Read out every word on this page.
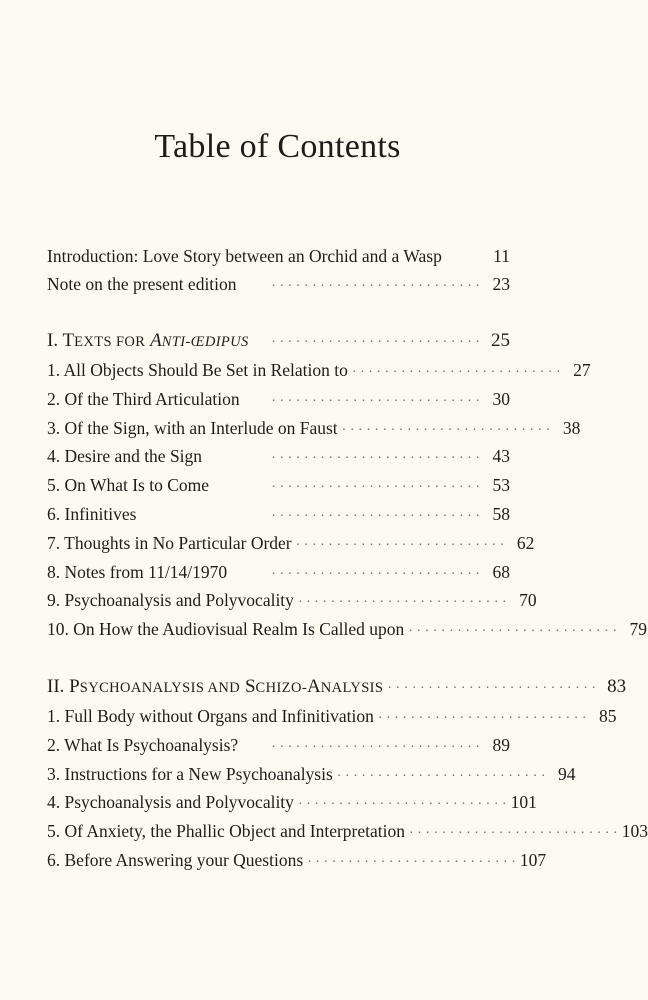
Table of Contents
Introduction: Love Story between an Orchid and a Wasp	11
Note on the present edition	· · · · · · · · · · · · · · · · · · · · · · · · · · 23
I. TEXTS FOR ANTI-ŒDIPUS	· · · · · · · · · · · · · · · · · · · · · · · · · · 25
1. All Objects Should Be Set in Relation to · · · · · · · · · · · · · · · · · · · · · · · · · · 27
2. Of the Third Articulation	· · · · · · · · · · · · · · · · · · · · · · · · · · 30
3. Of the Sign, with an Interlude on Faust · · · · · · · · · · · · · · · · · · · · · · · · · · 38
4. Desire and the Sign	· · · · · · · · · · · · · · · · · · · · · · · · · · 43
5. On What Is to Come	· · · · · · · · · · · · · · · · · · · · · · · · · · 53
6. Infinitives	· · · · · · · · · · · · · · · · · · · · · · · · · · 58
7. Thoughts in No Particular Order · · · · · · · · · · · · · · · · · · · · · · · · · · 62
8. Notes from 11/14/1970	· · · · · · · · · · · · · · · · · · · · · · · · · · 68
9. Psychoanalysis and Polyvocality · · · · · · · · · · · · · · · · · · · · · · · · · · 70
10. On How the Audiovisual Realm Is Called upon · · · · · · · · · · · · · · · · · · · · · · · · · · 79
II. PSYCHOANALYSIS AND SCHIZO-ANALYSIS · · · · · · · · · · · · · · · · · · · · · · · · · · 83
1. Full Body without Organs and Infinitivation · · · · · · · · · · · · · · · · · · · · · · · · · · 85
2. What Is Psychoanalysis?	· · · · · · · · · · · · · · · · · · · · · · · · · · 89
3. Instructions for a New Psychoanalysis · · · · · · · · · · · · · · · · · · · · · · · · · · 94
4. Psychoanalysis and Polyvocality · · · · · · · · · · · · · · · · · · · · · · · · · · 101
5. Of Anxiety, the Phallic Object and Interpretation · · · · · · · · · · · · · · · · · · · · · · · · · · 103
6. Before Answering your Questions · · · · · · · · · · · · · · · · · · · · · · · · · · 107
